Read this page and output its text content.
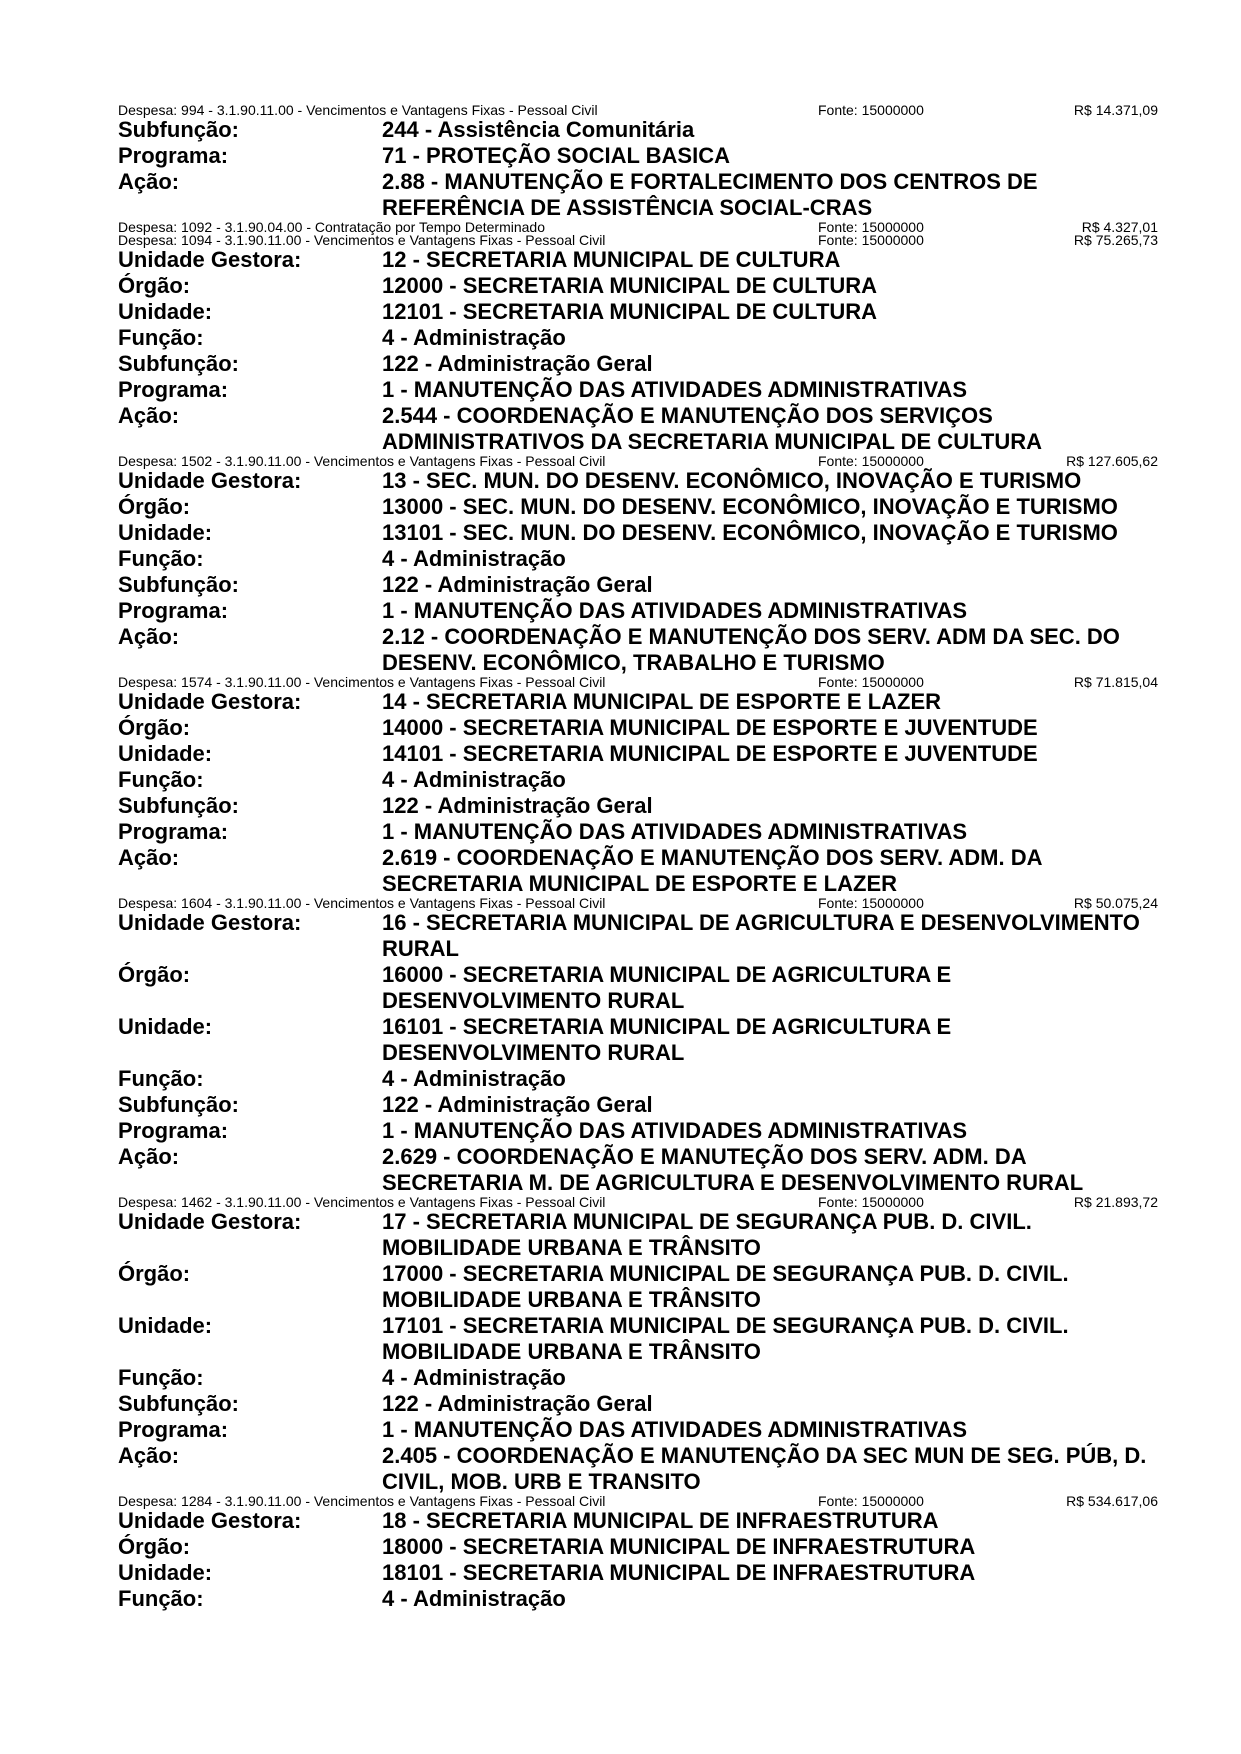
Despesa: 994 - 3.1.90.11.00 - Vencimentos e Vantagens Fixas - Pessoal Civil	Fonte: 15000000	R$ 14.371,09
Subfunção:	244 - Assistência Comunitária
Programa:	71 - PROTEÇÃO SOCIAL BASICA
Ação:	2.88 - MANUTENÇÃO E FORTALECIMENTO DOS CENTROS DE REFERÊNCIA DE ASSISTÊNCIA SOCIAL-CRAS
Despesa: 1092 - 3.1.90.04.00 - Contratação por Tempo Determinado	Fonte: 15000000	R$ 4.327,01
Despesa: 1094 - 3.1.90.11.00 - Vencimentos e Vantagens Fixas - Pessoal Civil	Fonte: 15000000	R$ 75.265,73
Unidade Gestora:	12 - SECRETARIA MUNICIPAL DE CULTURA
Órgão:	12000 - SECRETARIA MUNICIPAL DE CULTURA
Unidade:	12101 - SECRETARIA MUNICIPAL DE CULTURA
Função:	4 - Administração
Subfunção:	122 - Administração Geral
Programa:	1 - MANUTENÇÃO DAS ATIVIDADES ADMINISTRATIVAS
Ação:	2.544 - COORDENAÇÃO E MANUTENÇÃO DOS SERVIÇOS ADMINISTRATIVOS DA SECRETARIA MUNICIPAL DE CULTURA
Despesa: 1502 - 3.1.90.11.00 - Vencimentos e Vantagens Fixas - Pessoal Civil	Fonte: 15000000	R$ 127.605,62
Unidade Gestora:	13 - SEC. MUN. DO DESENV. ECONÔMICO, INOVAÇÃO E TURISMO
Órgão:	13000 - SEC. MUN. DO DESENV. ECONÔMICO, INOVAÇÃO E TURISMO
Unidade:	13101 - SEC. MUN. DO DESENV. ECONÔMICO, INOVAÇÃO E TURISMO
Função:	4 - Administração
Subfunção:	122 - Administração Geral
Programa:	1 - MANUTENÇÃO DAS ATIVIDADES ADMINISTRATIVAS
Ação:	2.12 - COORDENAÇÃO E MANUTENÇÃO DOS SERV. ADM DA SEC. DO DESENV. ECONÔMICO, TRABALHO E TURISMO
Despesa: 1574 - 3.1.90.11.00 - Vencimentos e Vantagens Fixas - Pessoal Civil	Fonte: 15000000	R$ 71.815,04
Unidade Gestora:	14 - SECRETARIA MUNICIPAL DE ESPORTE E LAZER
Órgão:	14000 - SECRETARIA MUNICIPAL DE ESPORTE E JUVENTUDE
Unidade:	14101 - SECRETARIA MUNICIPAL DE ESPORTE E JUVENTUDE
Função:	4 - Administração
Subfunção:	122 - Administração Geral
Programa:	1 - MANUTENÇÃO DAS ATIVIDADES ADMINISTRATIVAS
Ação:	2.619 - COORDENAÇÃO E MANUTENÇÃO DOS SERV. ADM. DA SECRETARIA MUNICIPAL DE ESPORTE E LAZER
Despesa: 1604 - 3.1.90.11.00 - Vencimentos e Vantagens Fixas - Pessoal Civil	Fonte: 15000000	R$ 50.075,24
Unidade Gestora:	16 - SECRETARIA MUNICIPAL DE AGRICULTURA E DESENVOLVIMENTO RURAL
Órgão:	16000 - SECRETARIA MUNICIPAL DE AGRICULTURA E DESENVOLVIMENTO RURAL
Unidade:	16101 - SECRETARIA MUNICIPAL DE AGRICULTURA E DESENVOLVIMENTO RURAL
Função:	4 - Administração
Subfunção:	122 - Administração Geral
Programa:	1 - MANUTENÇÃO DAS ATIVIDADES ADMINISTRATIVAS
Ação:	2.629 - COORDENAÇÃO E MANUTEÇÃO DOS SERV. ADM. DA SECRETARIA M. DE AGRICULTURA E DESENVOLVIMENTO RURAL
Despesa: 1462 - 3.1.90.11.00 - Vencimentos e Vantagens Fixas - Pessoal Civil	Fonte: 15000000	R$ 21.893,72
Unidade Gestora:	17 - SECRETARIA MUNICIPAL DE SEGURANÇA PUB. D. CIVIL. MOBILIDADE URBANA E TRÂNSITO
Órgão:	17000 - SECRETARIA MUNICIPAL DE SEGURANÇA PUB. D. CIVIL. MOBILIDADE URBANA E TRÂNSITO
Unidade:	17101 - SECRETARIA MUNICIPAL DE SEGURANÇA PUB. D. CIVIL. MOBILIDADE URBANA E TRÂNSITO
Função:	4 - Administração
Subfunção:	122 - Administração Geral
Programa:	1 - MANUTENÇÃO DAS ATIVIDADES ADMINISTRATIVAS
Ação:	2.405 - COORDENAÇÃO E MANUTENÇÃO DA SEC MUN DE SEG. PÚB, D. CIVIL, MOB. URB E TRANSITO
Despesa: 1284 - 3.1.90.11.00 - Vencimentos e Vantagens Fixas - Pessoal Civil	Fonte: 15000000	R$ 534.617,06
Unidade Gestora:	18 - SECRETARIA MUNICIPAL DE INFRAESTRUTURA
Órgão:	18000 - SECRETARIA MUNICIPAL DE INFRAESTRUTURA
Unidade:	18101 - SECRETARIA MUNICIPAL DE INFRAESTRUTURA
Função:	4 - Administração
